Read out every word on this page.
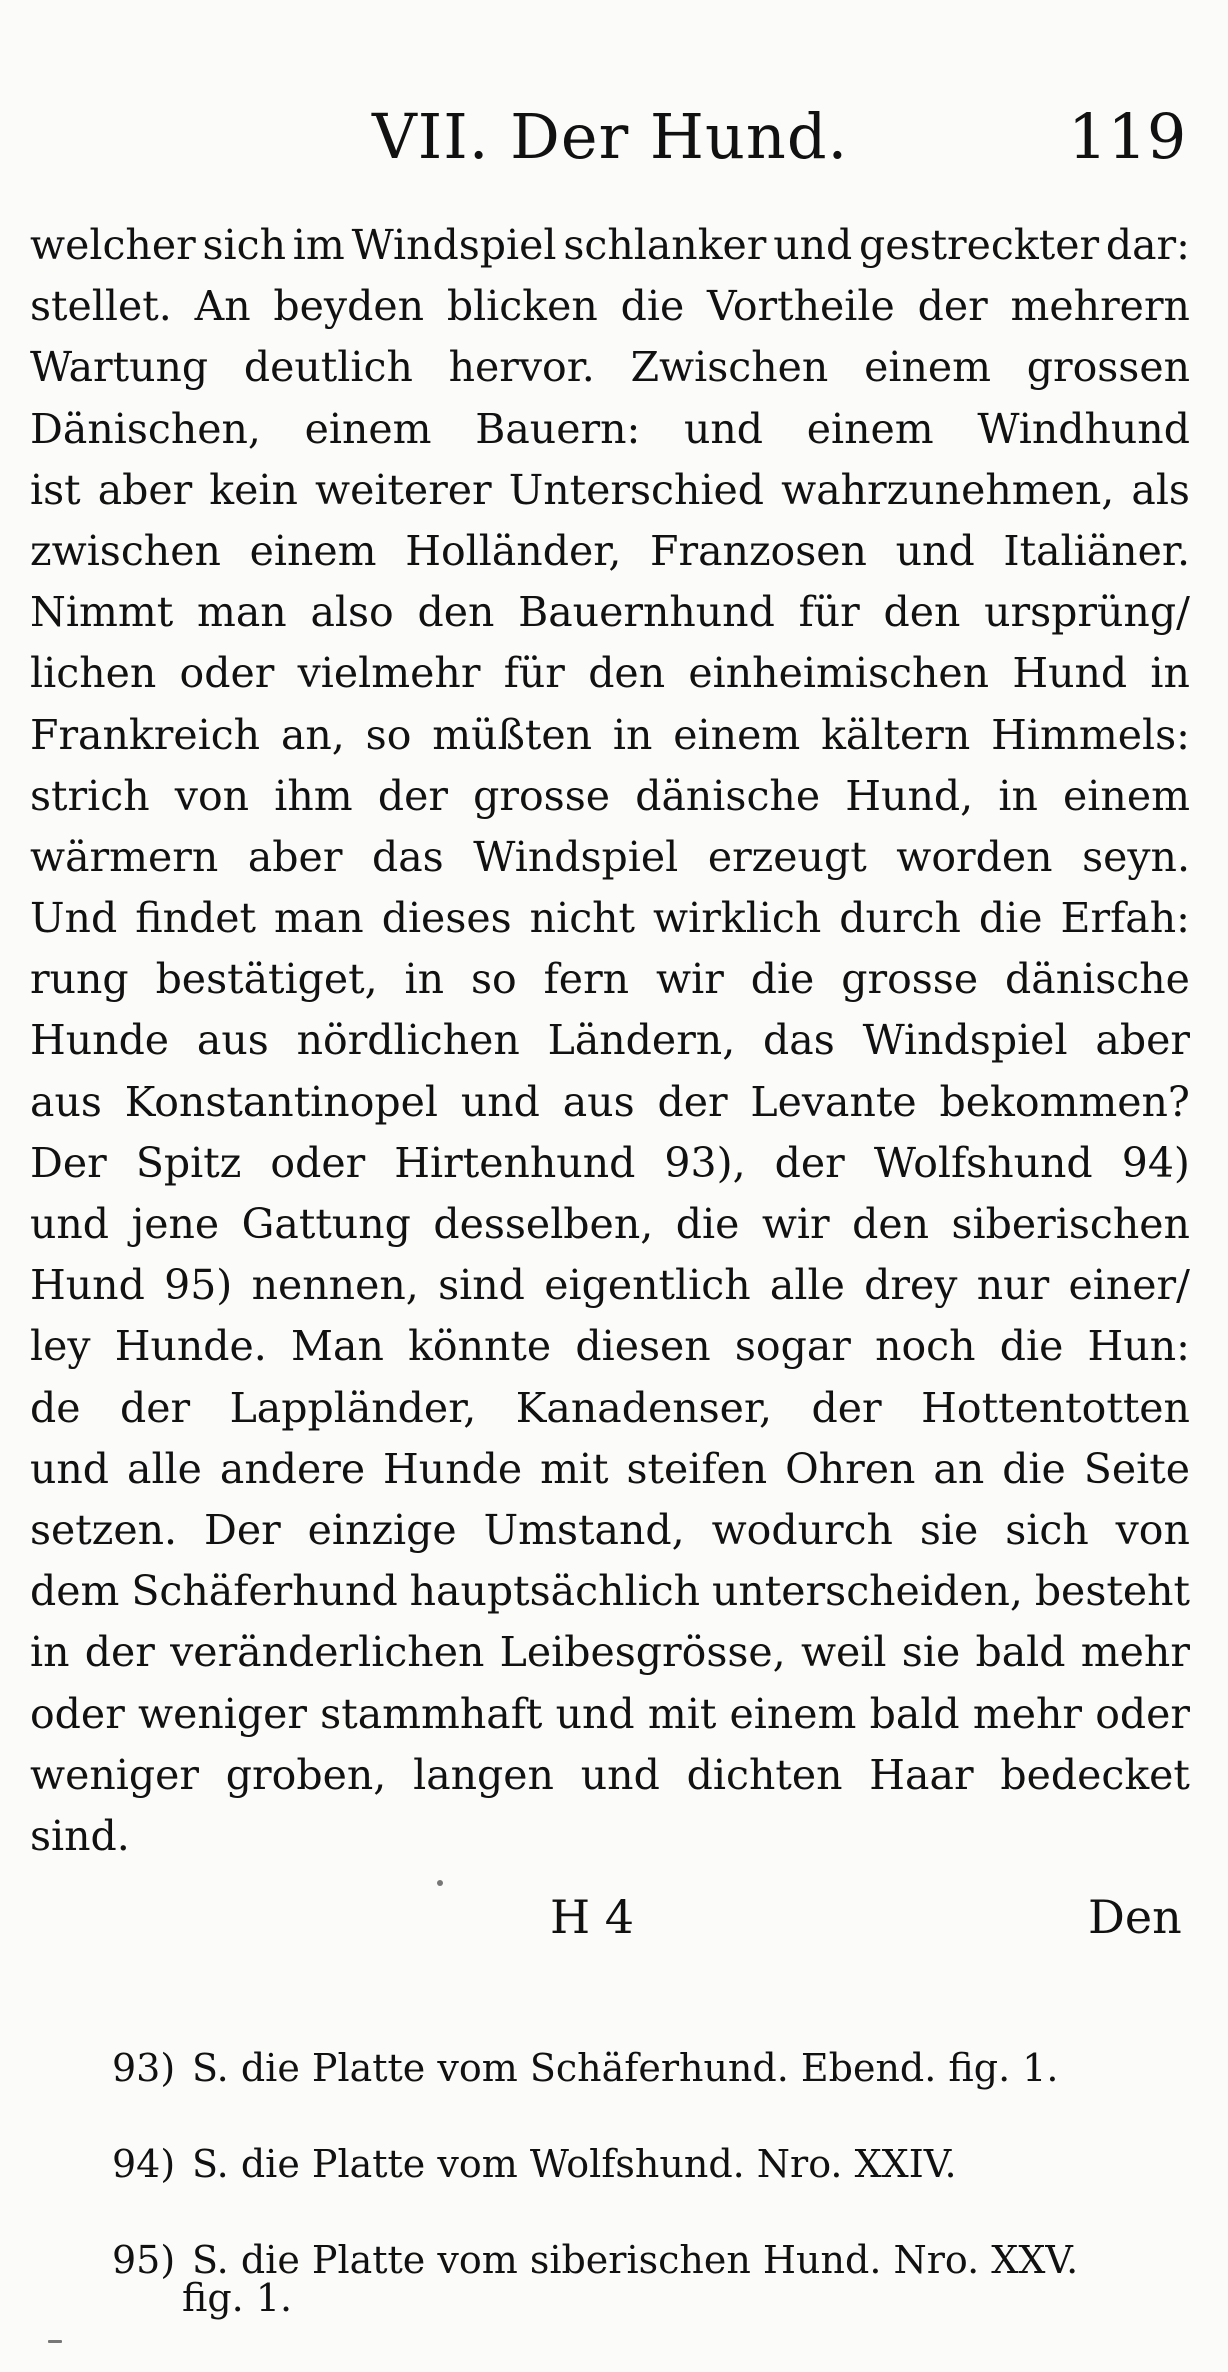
VII. Der Hund.	119
welcher sich im Windspiel schlanker und gestreckter dar:
stellet. An beyden blicken die Vortheile der mehrern
Wartung deutlich hervor. Zwischen einem grossen
Dänischen, einem Bauern: und einem Windhund
ist aber kein weiterer Unterschied wahrzunehmen, als
zwischen einem Holländer, Franzosen und Italiäner.
Nimmt man also den Bauernhund für den ursprüng/
lichen oder vielmehr für den einheimischen Hund in
Frankreich an, so müßten in einem kältern Himmels:
strich von ihm der grosse dänische Hund, in einem
wärmern aber das Windspiel erzeugt worden seyn.
Und findet man dieses nicht wirklich durch die Erfah:
rung bestätiget, in so fern wir die grosse dänische
Hunde aus nördlichen Ländern, das Windspiel aber
aus Konstantinopel und aus der Levante bekommen?
Der Spitz oder Hirtenhund 93), der Wolfshund 94)
und jene Gattung desselben, die wir den siberischen
Hund 95) nennen, sind eigentlich alle drey nur einer/
ley Hunde. Man könnte diesen sogar noch die Hun:
de der Lappländer, Kanadenser, der Hottentotten
und alle andere Hunde mit steifen Ohren an die Seite
setzen. Der einzige Umstand, wodurch sie sich von
dem Schäferhund hauptsächlich unterscheiden, besteht
in der veränderlichen Leibesgrösse, weil sie bald mehr
oder weniger stammhaft und mit einem bald mehr oder
weniger groben, langen und dichten Haar bedecket
sind.
H 4	Den
93) S. die Platte vom Schäferhund. Ebend. fig. 1.
94) S. die Platte vom Wolfshund. Nro. XXIV.
95) S. die Platte vom siberischen Hund. Nro. XXV.
fig. 1.
